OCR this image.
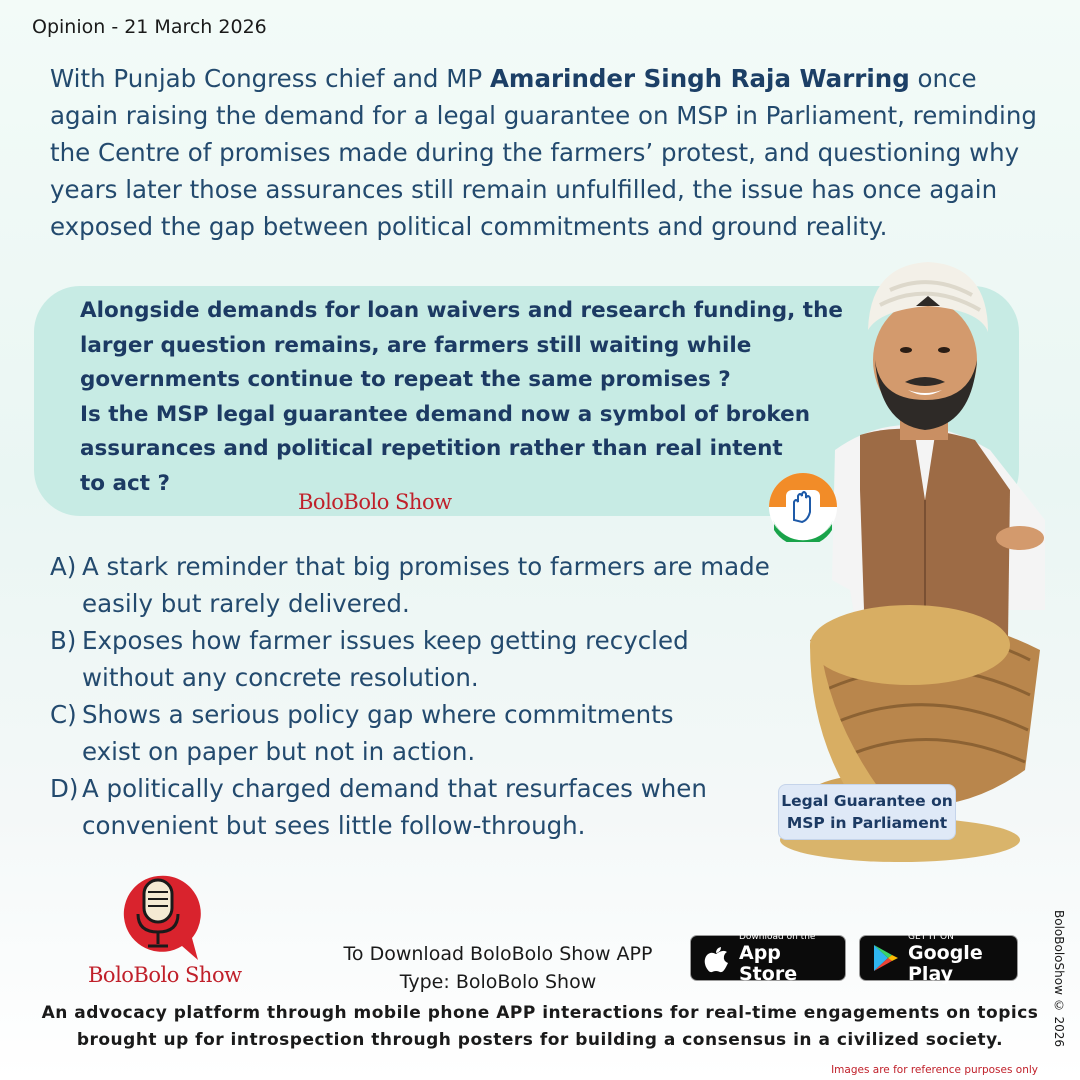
Opinion - 21 March 2026
With Punjab Congress chief and MP Amarinder Singh Raja Warring once again raising the demand for a legal guarantee on MSP in Parliament, reminding the Centre of promises made during the farmers’ protest, and questioning why years later those assurances still remain unfulfilled, the issue has once again exposed the gap between political commitments and ground reality.
Alongside demands for loan waivers and research funding, the
larger question remains, are farmers still waiting while
governments continue to repeat the same promises ?
Is the MSP legal guarantee demand now a symbol of broken
assurances and political repetition rather than real intent
to act ?
BoloBolo Show
A) A stark reminder that big promises to farmers are made
easily but rarely delivered.
B) Exposes how farmer issues keep getting recycled
without any concrete resolution.
C) Shows a serious policy gap where commitments
exist on paper but not in action.
D) A politically charged demand that resurfaces when
convenient but sees little follow-through.
Legal Guarantee on
MSP in Parliament
BoloBolo Show
To Download BoloBolo Show APP
Type: BoloBolo Show
Download on the
App Store
GET IT ON
Google Play
An advocacy platform through mobile phone APP interactions for real-time engagements on topics
brought up for introspection through posters for building a consensus in a civilized society.	BoloBoloShow © 2026
Images are for reference purposes only
